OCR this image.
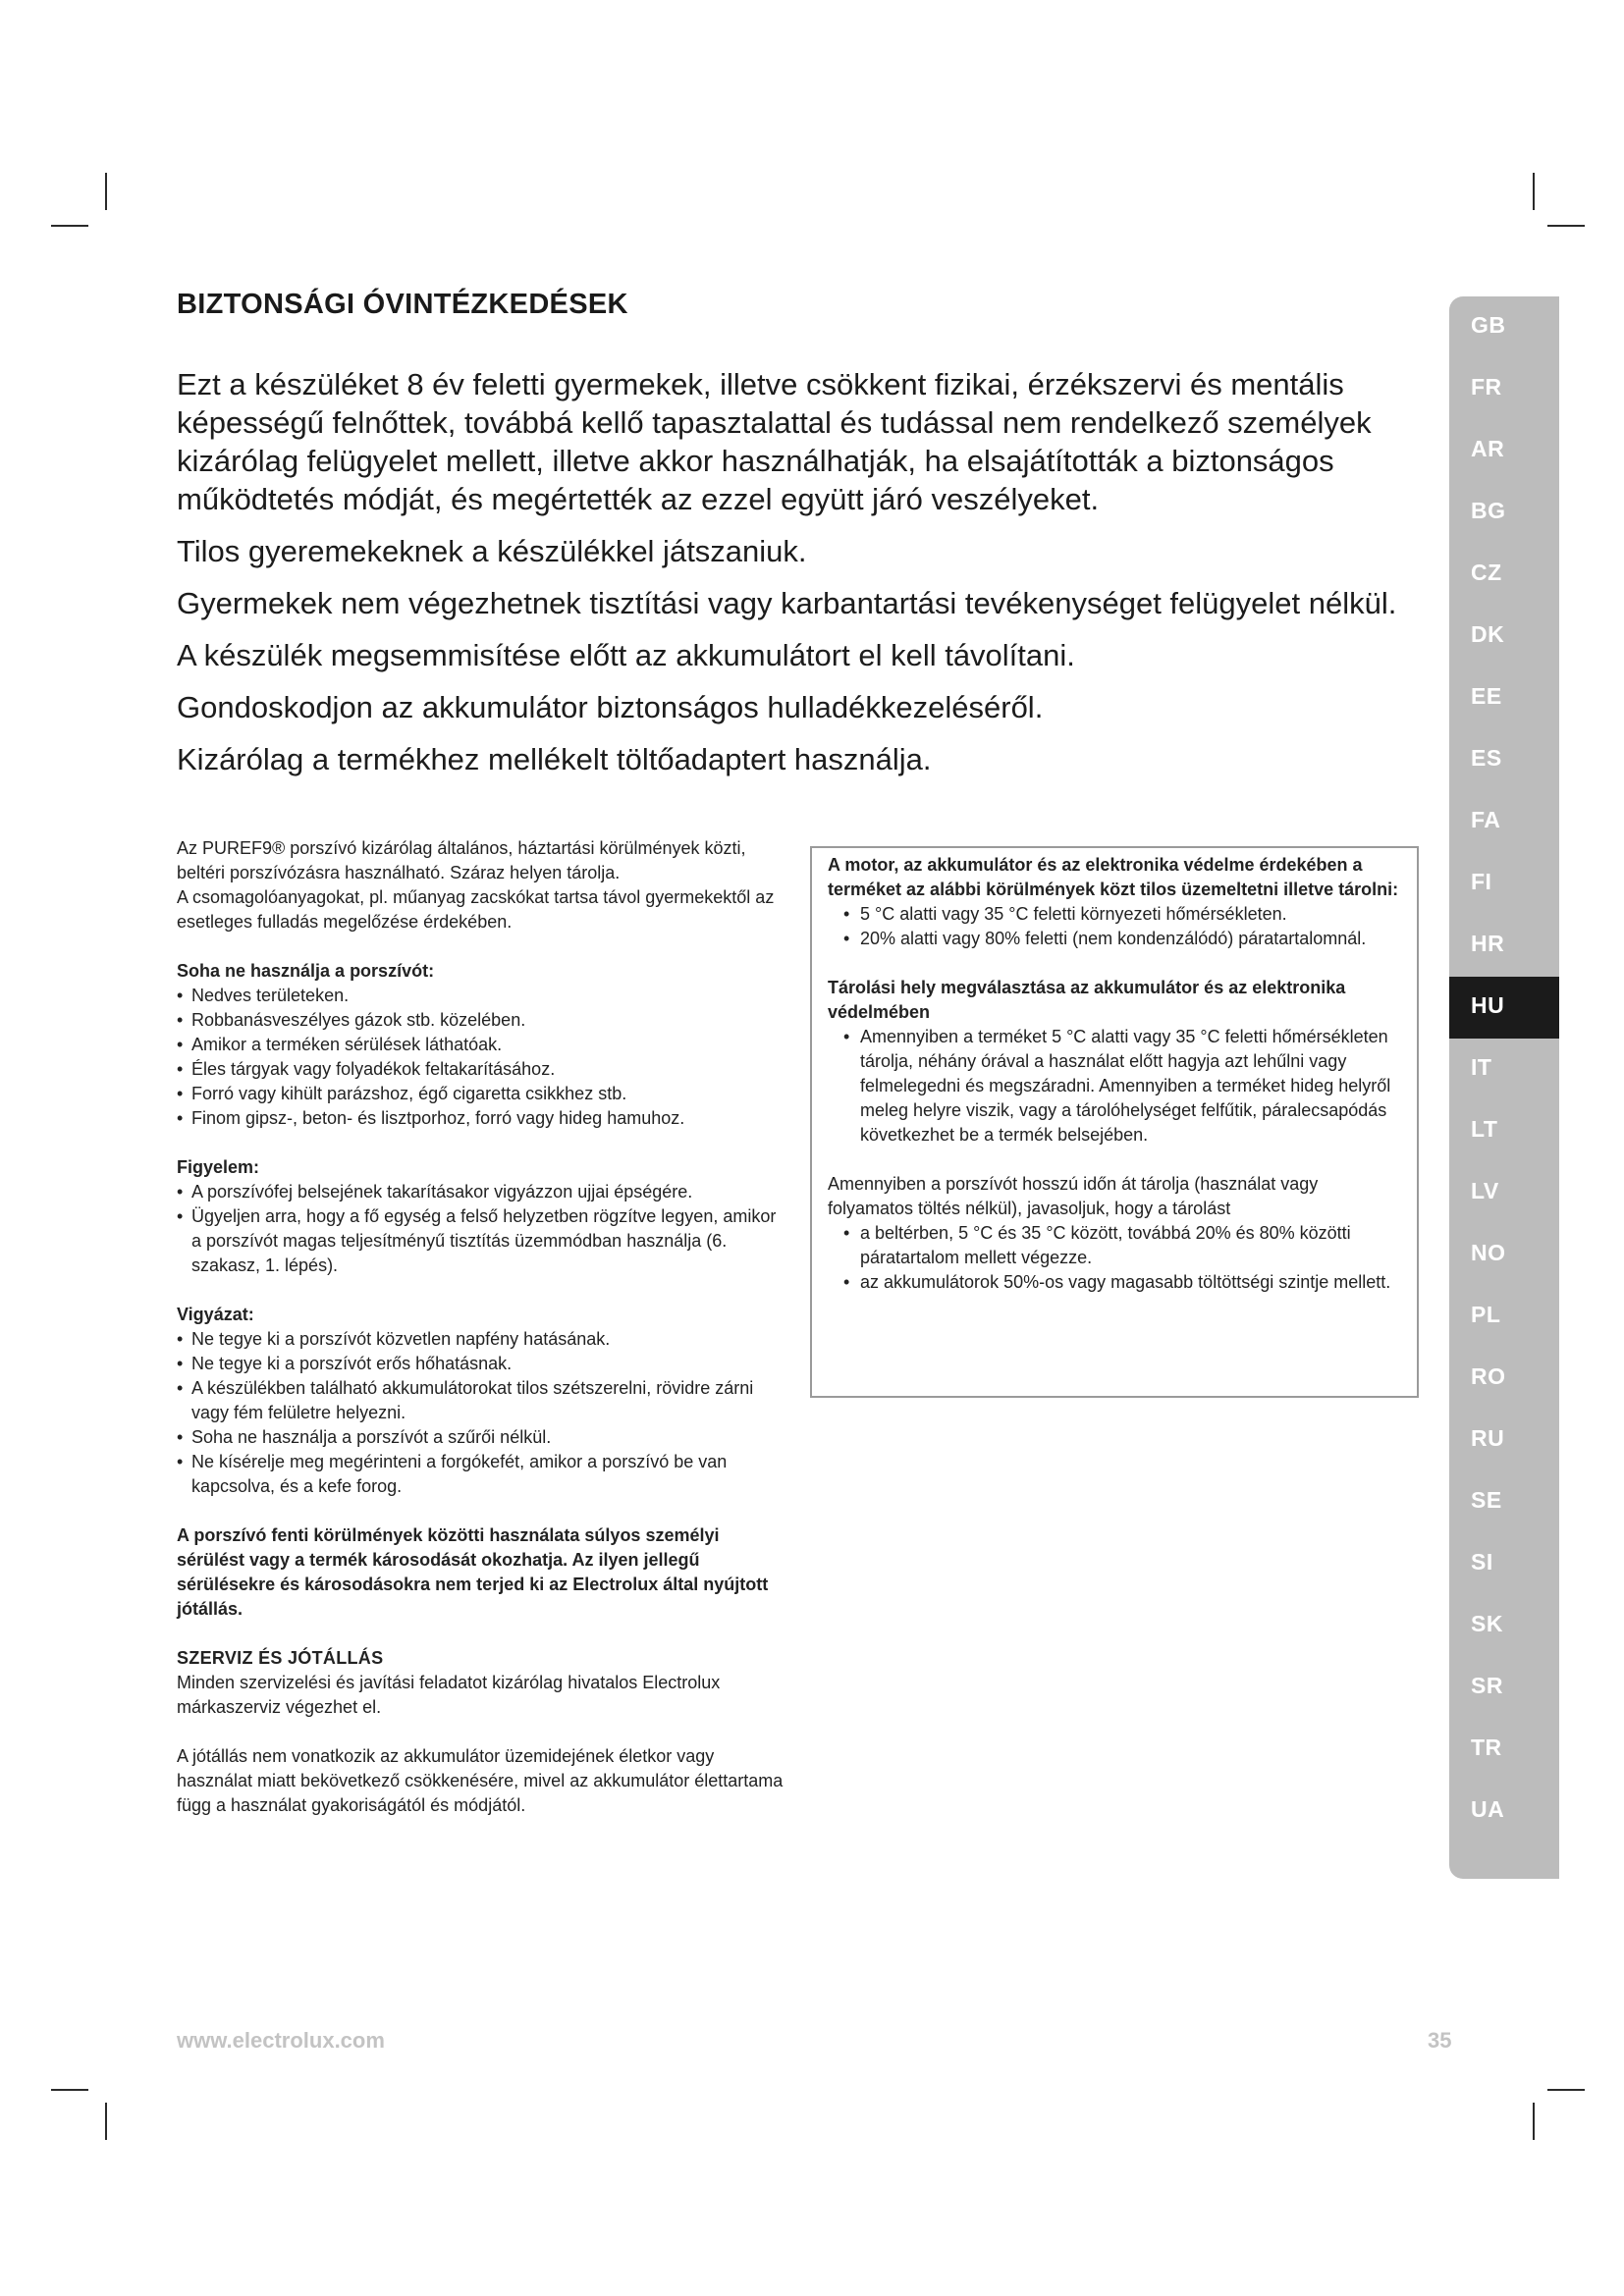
BIZTONSÁGI ÓVINTÉZKEDÉSEK

Ezt a készüléket 8 év feletti gyermekek, illetve csökkent fizikai, érzékszervi és mentális képességű felnőttek, továbbá kellő tapasztalattal és tudással nem rendelkező személyek kizárólag felügyelet mellett, illetve akkor használhatják, ha elsajátították a biztonságos működtetés módját, és megértették az ezzel együtt járó veszélyeket.

Tilos gyeremekeknek a készülékkel játszaniuk.

Gyermekek nem végezhetnek tisztítási vagy karbantartási tevékenységet felügyelet nélkül.

A készülék megsemmisítése előtt az akkumulátort el kell távolítani.

Gondoskodjon az akkumulátor biztonságos hulladékkezeléséről.

Kizárólag a termékhez mellékelt töltőadaptert használja.

Az PUREF9® porszívó kizárólag általános, háztartási körülmények közti, beltéri porszívózásra használható. Száraz helyen tárolja.

A csomagolóanyagokat, pl. műanyag zacskókat tartsa távol gyermekektől az esetleges fulladás megelőzése érdekében.

Soha ne használja a porszívót:
• Nedves területeken.
• Robbanásveszélyes gázok stb. közelében.
• Amikor a terméken sérülések láthatóak.
• Éles tárgyak vagy folyadékok feltakarításához.
• Forró vagy kihült parázshoz, égő cigaretta csikkhez stb.
• Finom gipsz-, beton- és lisztporhoz, forró vagy hideg hamuhoz.
Figyelem:
• A porszívófej belsejének takarításakor vigyázzon ujjai épségére.
• Ügyeljen arra, hogy a fő egység a felső helyzetben rögzítve legyen, amikor a porszívót magas teljesítményű tisztítás üzemmódban használja (6. szakasz, 1. lépés).
Vigyázat:
• Ne tegye ki a porszívót közvetlen napfény hatásának.
• Ne tegye ki a porszívót erős hőhatásnak.
• A készülékben található akkumulátorokat tilos szétszerelni, rövidre zárni vagy fém felületre helyezni.
• Soha ne használja a porszívót a szűrői nélkül.
• Ne kísérelje meg megérinteni a forgókefét, amikor a porszívó be van kapcsolva, és a kefe forog.

A porszívó fenti körülmények közötti használata súlyos személyi sérülést vagy a termék károsodását okozhatja. Az ilyen jellegű sérülésekre és károsodásokra nem terjed ki az Electrolux által nyújtott jótállás.

SZERVIZ ÉS JÓTÁLLÁS

Minden szervizelési és javítási feladatot kizárólag hivatalos Electrolux márkaszerviz végezhet el.

A jótállás nem vonatkozik az akkumulátor üzemidejének életkor vagy használat miatt bekövetkező csökkenésére, mivel az akkumulátor élettartama függ a használat gyakoriságától és módjától.

A motor, az akkumulátor és az elektronika védelme érdekében a terméket az alábbi körülmények közt tilos üzemeltetni illetve tárolni:

• 5 °C alatti vagy 35 °C feletti környezeti hőmérsékleten.
• 20% alatti vagy 80% feletti (nem kondenzálódó) páratartalomnál.

Tárolási hely megválasztása az akkumulátor és az elektronika védelmében

• Amennyiben a terméket 5 °C alatti vagy 35 °C feletti hőmérsékleten tárolja, néhány órával a használat előtt hagyja azt lehűlni vagy felmelegedni és megszáradni. Amennyiben a terméket hideg helyről meleg helyre viszik, vagy a tárolóhelységet felfűtik, páralecsapódás következhet be a termék belsejében.

Amennyiben a porszívót hosszú időn át tárolja (használat vagy folyamatos töltés nélkül), javasoljuk, hogy a tárolást

• a beltérben, 5 °C és 35 °C között, továbbá 20% és 80% közötti páratartalom mellett végezze.
• az akkumulátorok 50%-os vagy magasabb töltöttségi szintje mellett.
GB
FR
AR
BG
CZ
DK
EE
ES
FA
FI
HR
HU
IT
LT
LV
NO
PL
RO
RU
SE
SI
SK
SR
TR
UA
www.electrolux.com	35
